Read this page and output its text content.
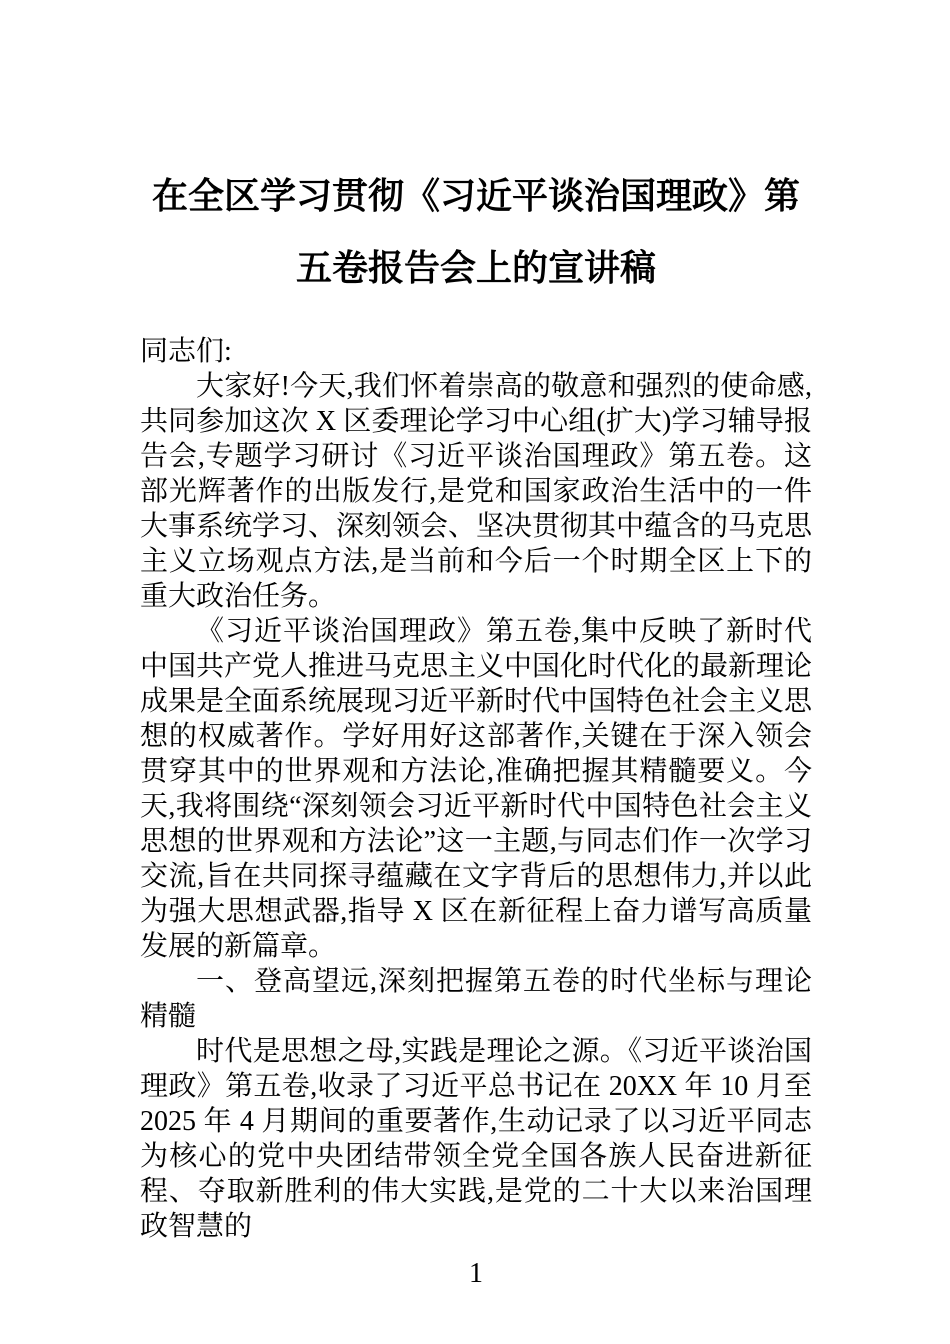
在全区学习贯彻《习近平谈治国理政》第五卷报告会上的宣讲稿

同志们:

大家好!今天,我们怀着崇高的敬意和强烈的使命感,共同参加这次 X 区委理论学习中心组(扩大)学习辅导报告会,专题学习研讨《习近平谈治国理政》第五卷。这部光辉著作的出版发行,是党和国家政治生活中的一件大事系统学习、深刻领会、坚决贯彻其中蕴含的马克思主义立场观点方法,是当前和今后一个时期全区上下的重大政治任务。

《习近平谈治国理政》第五卷,集中反映了新时代中国共产党人推进马克思主义中国化时代化的最新理论成果是全面系统展现习近平新时代中国特色社会主义思想的权威著作。学好用好这部著作,关键在于深入领会贯穿其中的世界观和方法论,准确把握其精髓要义。今天,我将围绕“深刻领会习近平新时代中国特色社会主义思想的世界观和方法论”这一主题,与同志们作一次学习交流,旨在共同探寻蕴藏在文字背后的思想伟力,并以此为强大思想武器,指导 X 区在新征程上奋力谱写高质量发展的新篇章。

一、登高望远,深刻把握第五卷的时代坐标与理论精髓

时代是思想之母,实践是理论之源。《习近平谈治国理政》第五卷,收录了习近平总书记在 20XX 年 10 月至 2025 年 4 月期间的重要著作,生动记录了以习近平同志为核心的党中央团结带领全党全国各族人民奋进新征程、夺取新胜利的伟大实践,是党的二十大以来治国理政智慧的

1
